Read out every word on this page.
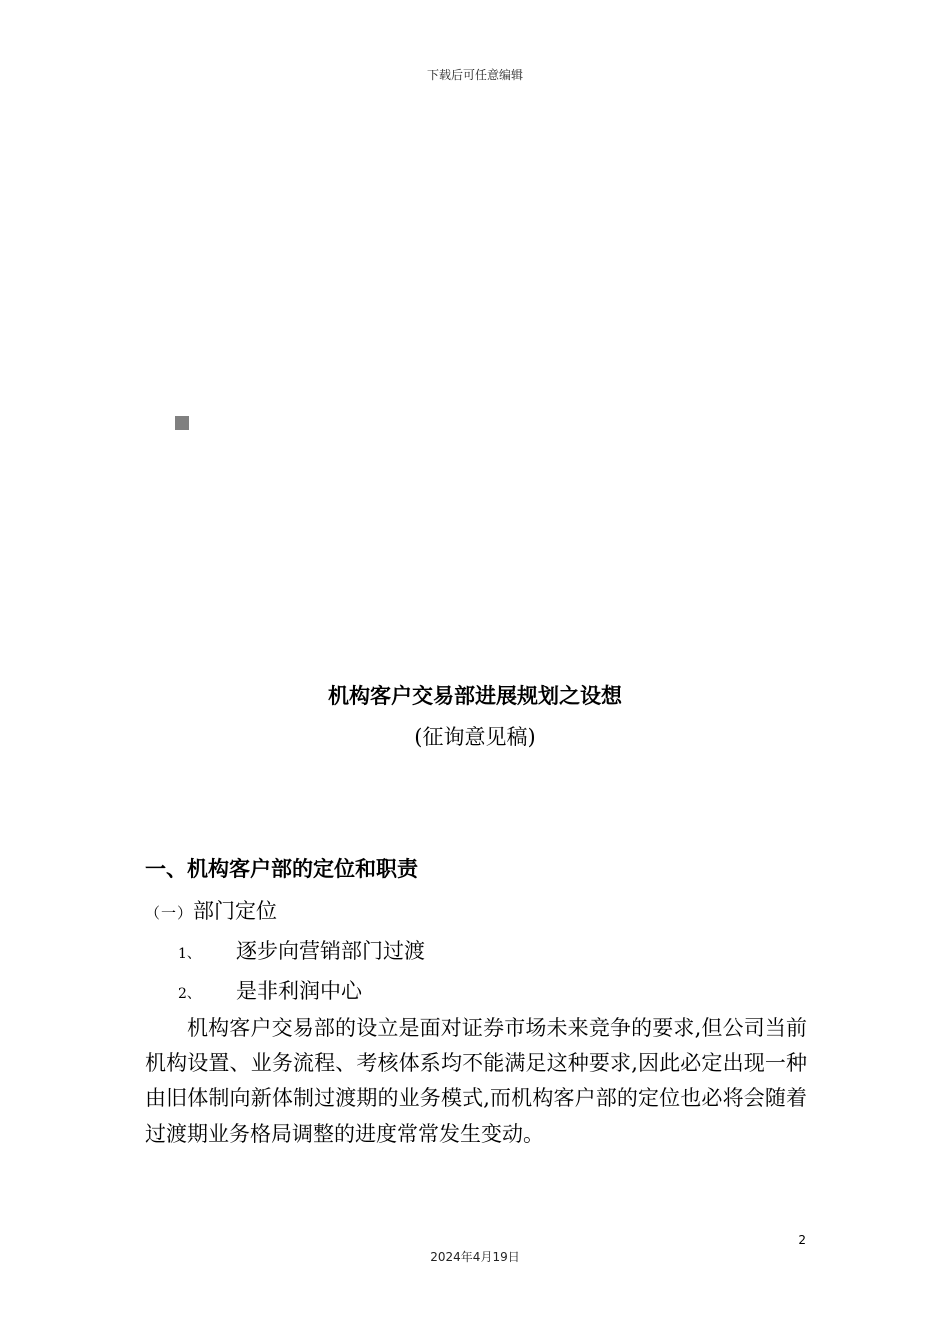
下载后可任意编辑
机构客户交易部进展规划之设想
(征询意见稿)
一、机构客户部的定位和职责
（一）部门定位
1、	逐步向营销部门过渡
2、	是非利润中心

机构客户交易部的设立是面对证券市场未来竞争的要求,但公司当前机构设置、业务流程、考核体系均不能满足这种要求,因此必定出现一种由旧体制向新体制过渡期的业务模式,而机构客户部的定位也必将会随着过渡期业务格局调整的进度常常发生变动。

2
2024年4月19日
